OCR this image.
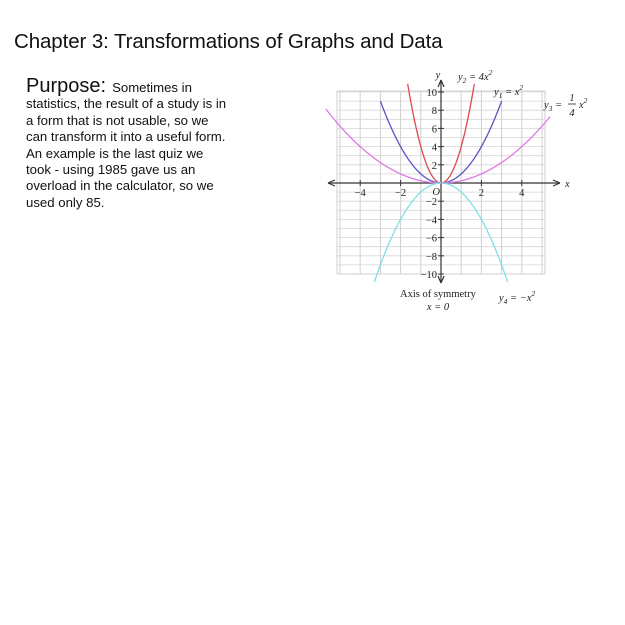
Chapter 3: Transformations of Graphs and Data
Purpose: Sometimes in
statistics, the result of a study is in
a form that is not usable, so we
can transform it into a useful form.
An example is the last quiz we
took - using 1985 gave us an
overload in the calculator, so we
used only 85.
−4	−2	2	4
−10
−8
−6
−4
−2
2
4
6
8
10
O
y
x
$y_2 = 4x^2$
$y_1 = x^2$
$y_4 = -x^2$
$y_3$ =
1
4
$x^2$
Axis of symmetry
x = 0
